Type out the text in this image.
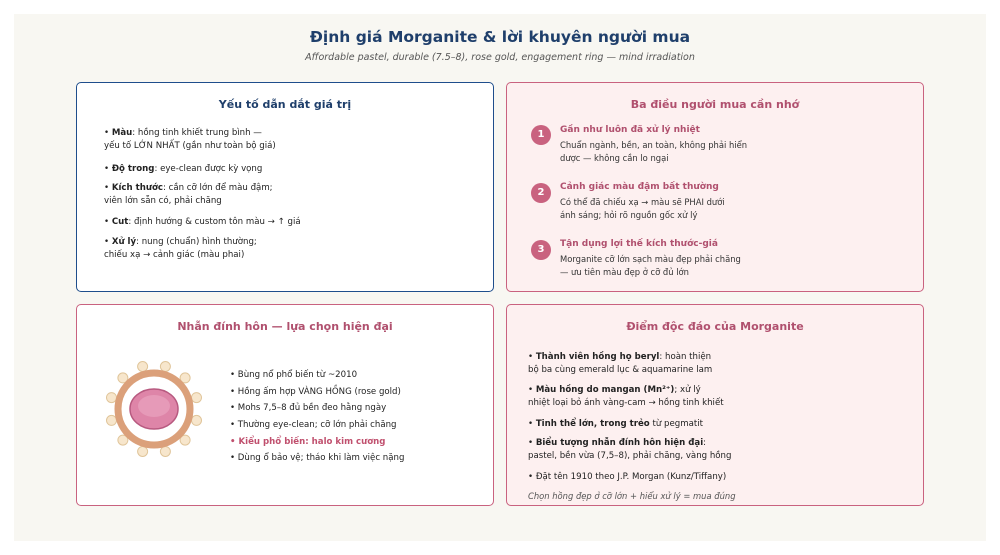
Định giá Morganite & lời khuyên người mua
Affordable pastel, durable (7.5–8), rose gold, engagement ring — mind irradiation
Yếu tố dẫn dắt giá trị
• Màu: hồng tinh khiết trung bình —
yếu tố LỚN NHẤT (gần như toàn bộ giá)
• Độ trong: eye-clean được kỳ vọng
• Kích thước: cần cỡ lớn để màu đậm;
viên lớn sẵn có, phải chăng
• Cut: định hướng & custom tôn màu → ↑ giá
• Xử lý: nung (chuẩn) hình thường;
chiếu xạ → cảnh giác (màu phai)
Ba điều người mua cần nhớ
1	Gần như luôn đã xử lý nhiệt
Chuẩn ngành, bền, an toàn, không phải hiển
dược — không cần lo ngại
2	Cảnh giác màu đậm bất thường
Có thể đã chiếu xạ → màu sẽ PHAI dưới
ánh sáng; hỏi rõ nguồn gốc xử lý
3	Tận dụng lợi thế kích thước-giá
Morganite cỡ lớn sạch màu đẹp phải chăng
— ưu tiên màu đẹp ở cỡ đủ lớn
Nhẫn đính hôn — lựa chọn hiện đại
• Bùng nổ phổ biến từ ~2010
• Hồng ấm hợp VÀNG HỒNG (rose gold)
• Mohs 7,5–8 đủ bền đeo hằng ngày
• Thường eye-clean; cỡ lớn phải chăng
• Kiểu phổ biến: halo kim cương
• Dùng ổ bảo vệ; tháo khi làm việc nặng
Điểm độc đáo của Morganite
• Thành viên hồng họ beryl: hoàn thiện
bộ ba cùng emerald lục & aquamarine lam
• Màu hồng do mangan (Mn²⁺); xử lý
nhiệt loại bỏ ánh vàng-cam → hồng tinh khiết
• Tinh thể lớn, trong trẻo từ pegmatit
• Biểu tượng nhẫn đính hôn hiện đại:
pastel, bền vừa (7,5–8), phải chăng, vàng hồng
• Đặt tên 1910 theo J.P. Morgan (Kunz/Tiffany)
Chọn hồng đẹp ở cỡ lớn + hiểu xử lý = mua đúng
